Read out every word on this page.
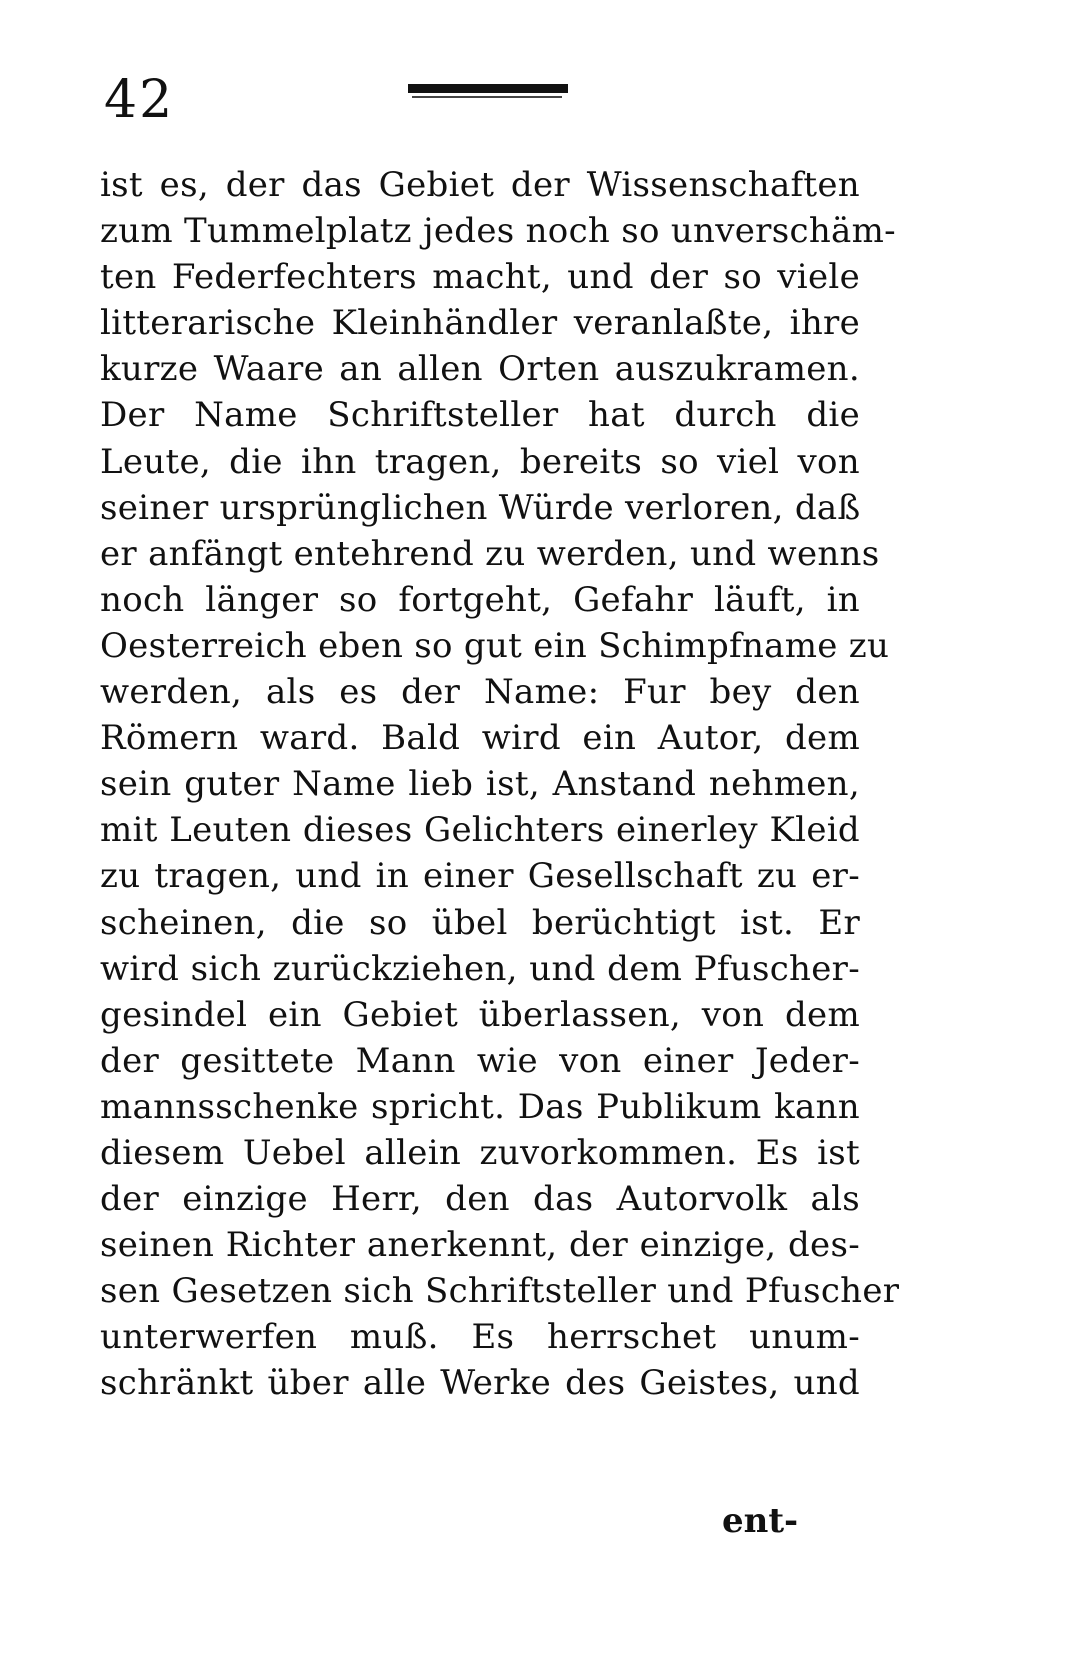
42
ist es, der das Gebiet der Wissenschaften
zum Tummelplatz jedes noch so unverschäm-
ten Federfechters macht, und der so viele
litterarische Kleinhändler veranlaßte, ihre
kurze Waare an allen Orten auszukramen.
Der Name Schriftsteller hat durch die
Leute, die ihn tragen, bereits so viel von
seiner ursprünglichen Würde verloren, daß
er anfängt entehrend zu werden, und wenns
noch länger so fortgeht, Gefahr läuft, in
Oesterreich eben so gut ein Schimpfname zu
werden, als es der Name: Fur bey den
Römern ward. Bald wird ein Autor, dem
sein guter Name lieb ist, Anstand nehmen,
mit Leuten dieses Gelichters einerley Kleid
zu tragen, und in einer Gesellschaft zu er-
scheinen, die so übel berüchtigt ist. Er
wird sich zurückziehen, und dem Pfuscher-
gesindel ein Gebiet überlassen, von dem
der gesittete Mann wie von einer Jeder-
mannsschenke spricht. Das Publikum kann
diesem Uebel allein zuvorkommen. Es ist
der einzige Herr, den das Autorvolk als
seinen Richter anerkennt, der einzige, des-
sen Gesetzen sich Schriftsteller und Pfuscher
unterwerfen muß. Es herrschet unum-
schränkt über alle Werke des Geistes, und
ent-
